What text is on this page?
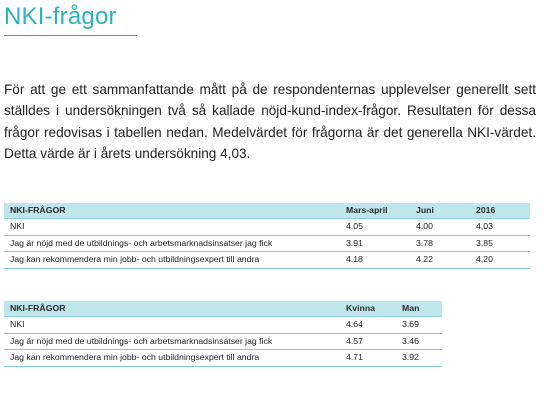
NKI-frågor

För att ge ett sammanfattande mått på de respondenternas upplevelser generellt sett ställdes i undersökningen två så kallade nöjd-kund-index-frågor. Resultaten för dessa frågor redovisas i tabellen nedan. Medelvärdet för frågorna är det generella NKI-värdet. Detta värde är i årets undersökning 4,03.

NKI-FRÅGOR	Mars-april	Juni	2016
NKI	4.05	4.00	4,03
Jag är nöjd med de utbildnings- och arbetsmarknadsinsatser jag fick	3.91	3.78	3,85
Jag kan rekommendera min jobb- och utbildningsexpert till andra	4.18	4.22	4,20
NKI-FRÅGOR	Kvinna	Man
NKI	4.64	3.69
Jag är nöjd med de utbildnings- och arbetsmarknadsinsatser jag fick	4.57	3.46
Jag kan rekommendera min jobb- och utbildningsexpert till andra	4.71	3.92
